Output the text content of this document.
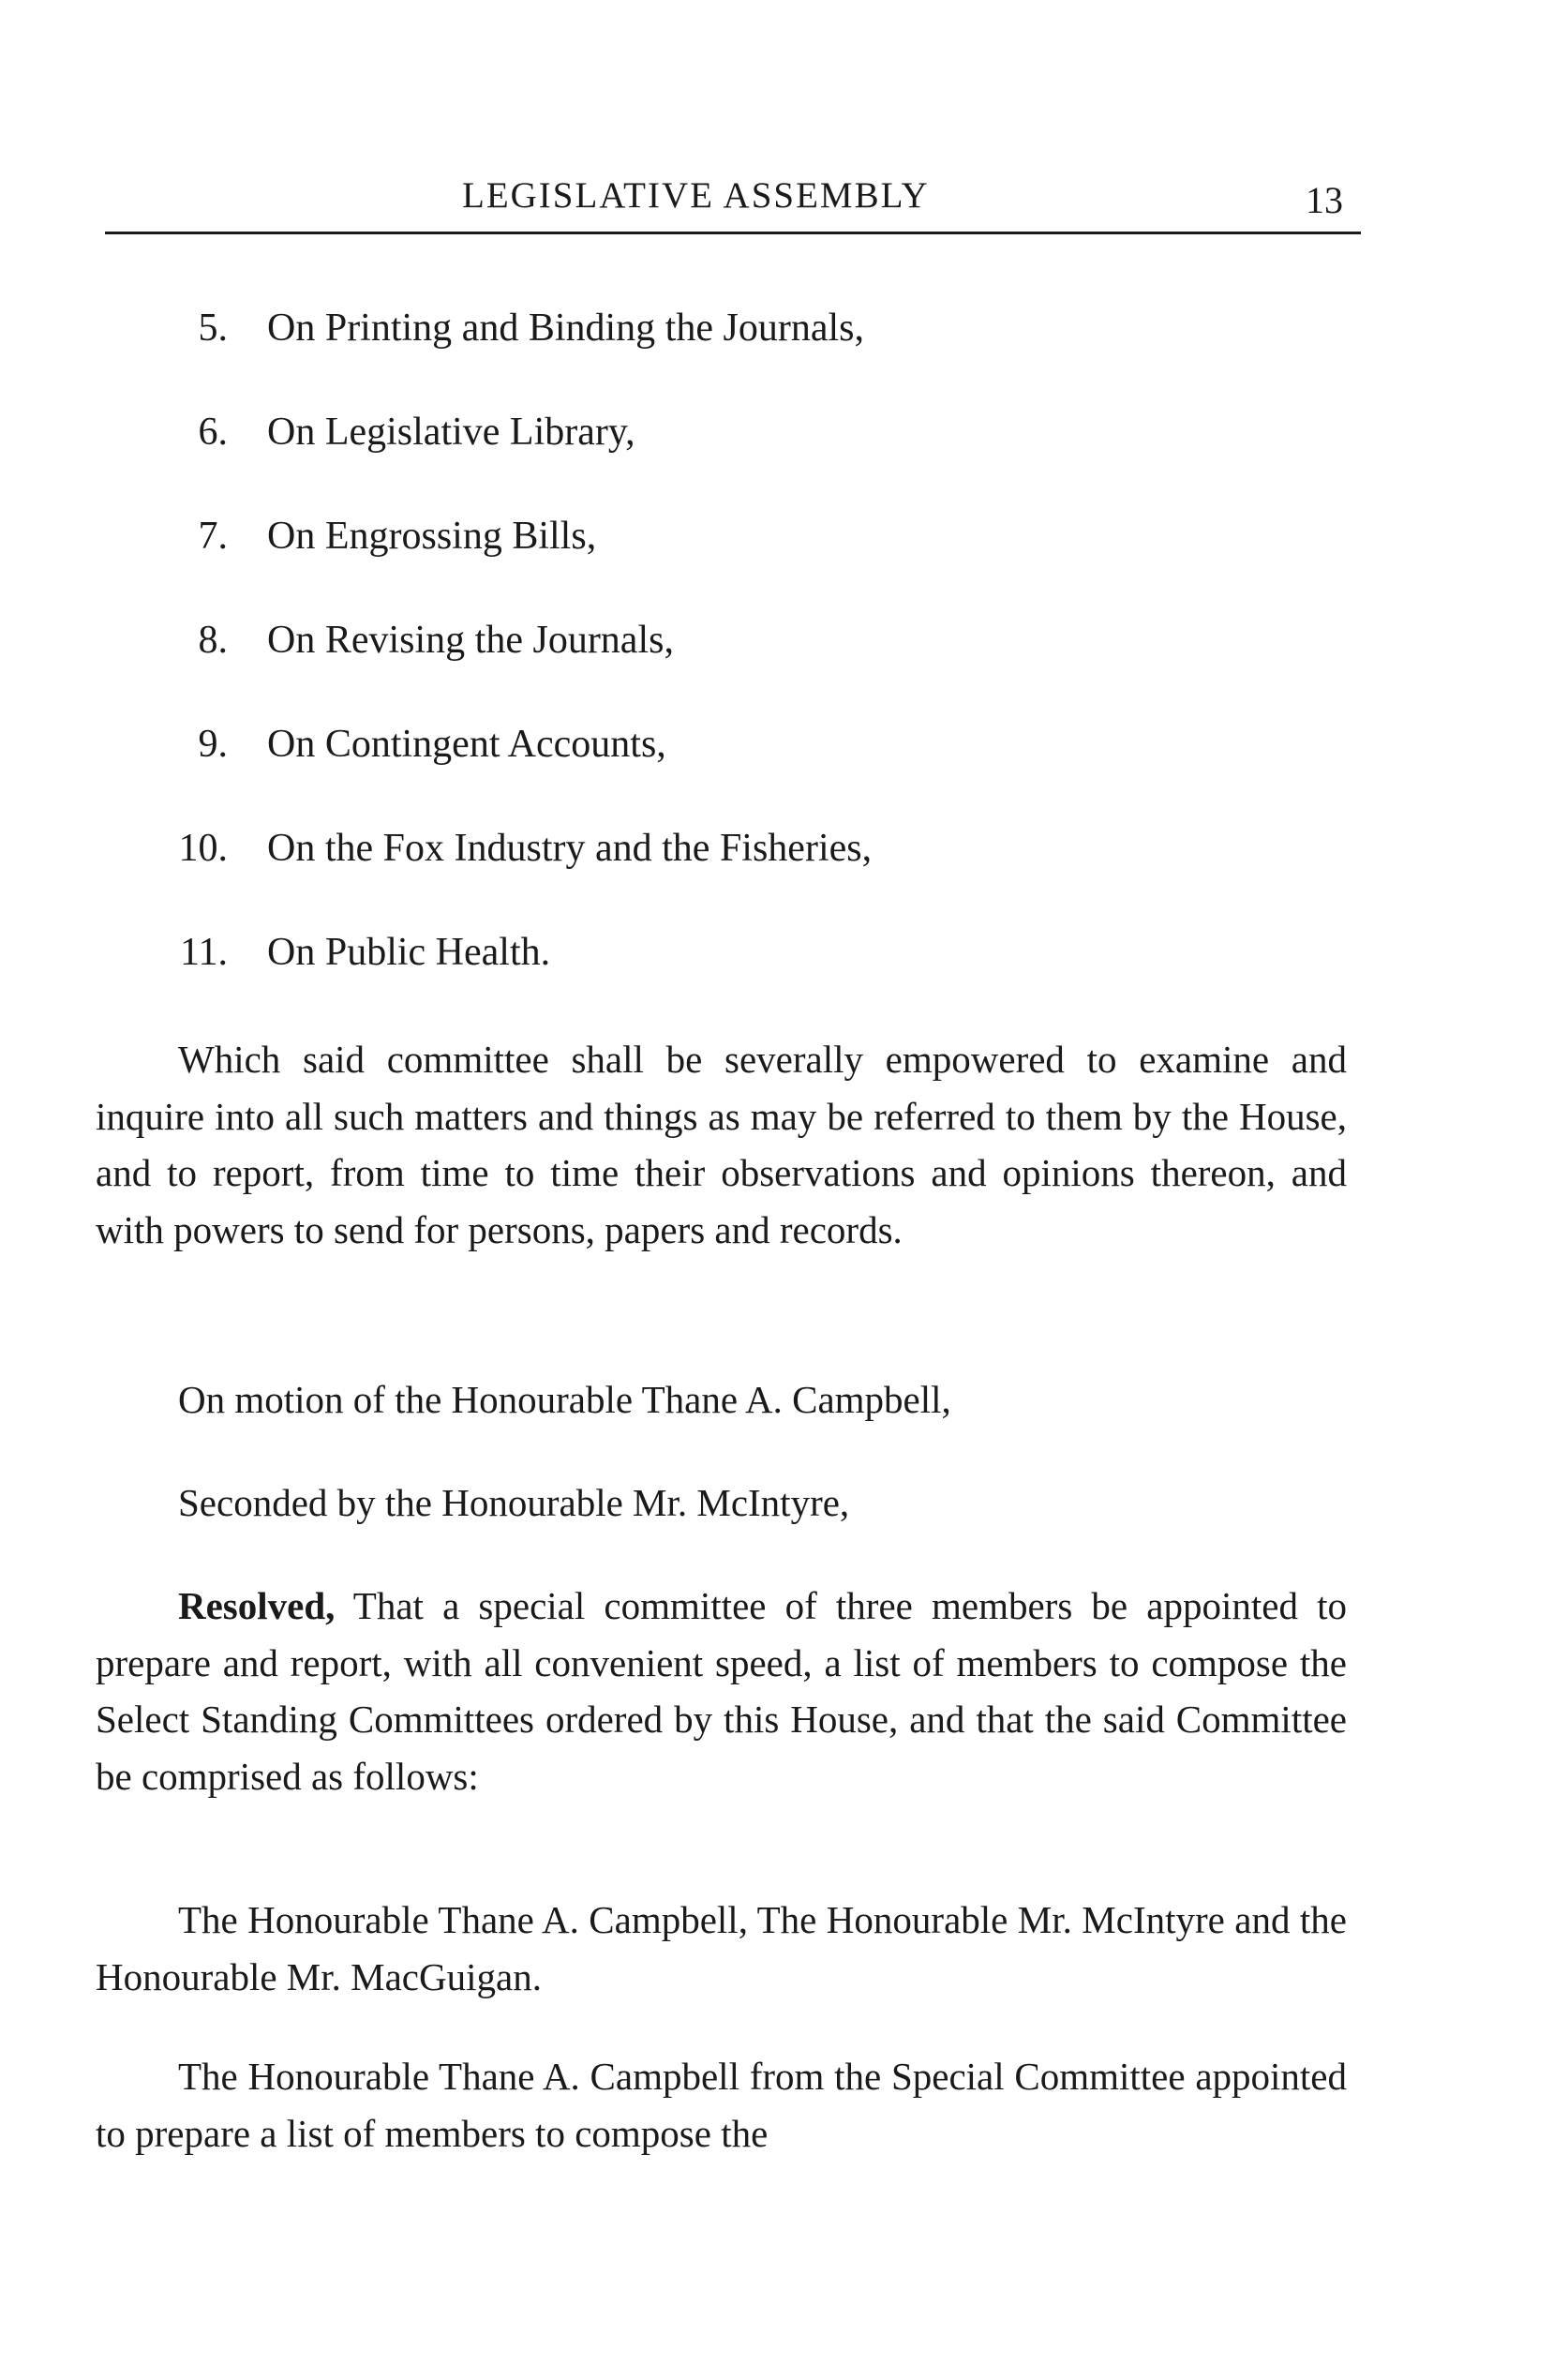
LEGISLATIVE ASSEMBLY	13
5. On Printing and Binding the Journals,
6. On Legislative Library,
7. On Engrossing Bills,
8. On Revising the Journals,
9. On Contingent Accounts,
10. On the Fox Industry and the Fisheries,
11. On Public Health.

Which said committee shall be severally empowered to examine and inquire into all such matters and things as may be referred to them by the House, and to report, from time to time their observations and opinions thereon, and with powers to send for persons, papers and records.

On motion of the Honourable Thane A. Campbell,
Seconded by the Honourable Mr. McIntyre,

Resolved, That a special committee of three members be appointed to prepare and report, with all convenient speed, a list of members to compose the Select Standing Committees ordered by this House, and that the said Committee be comprised as follows:

The Honourable Thane A. Campbell, The Honourable Mr. McIntyre and the Honourable Mr. MacGuigan.

The Honourable Thane A. Campbell from the Special Committee appointed to prepare a list of members to compose the
